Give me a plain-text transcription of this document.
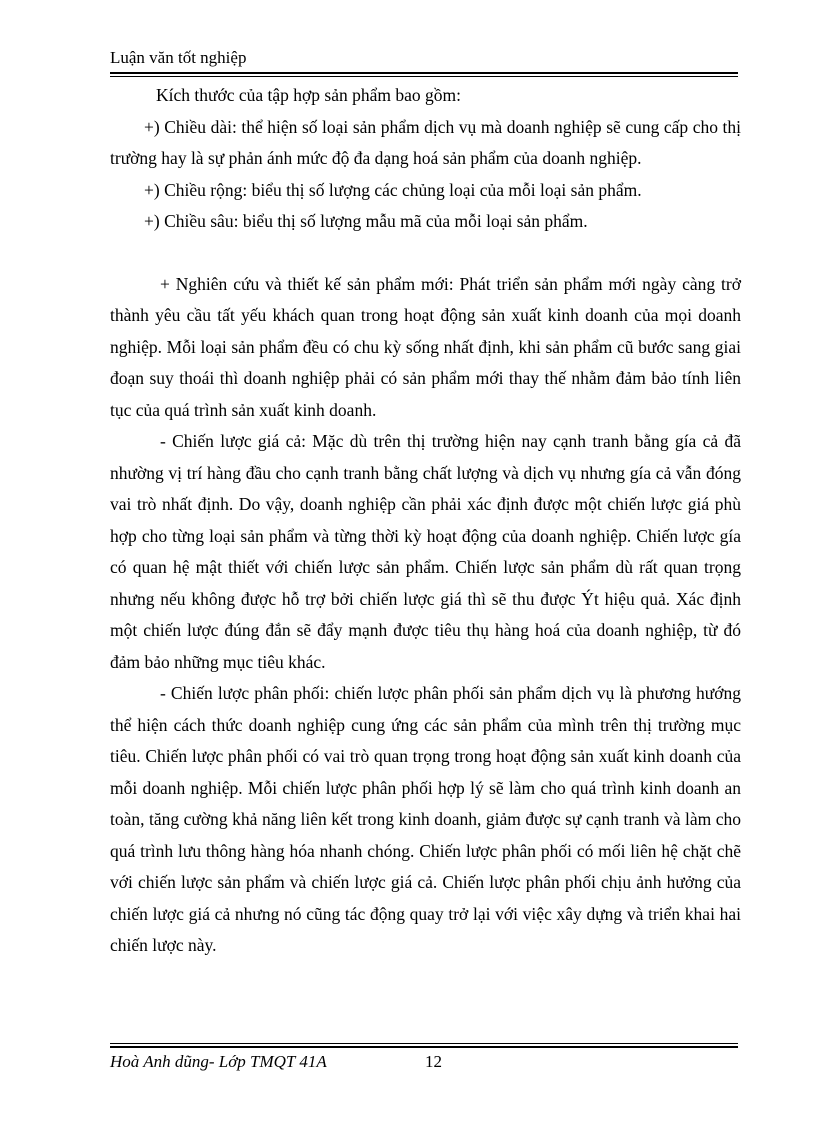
Luận văn tốt nghiệp

Kích thước của tập hợp sản phẩm bao gồm:

+) Chiều dài: thể hiện số loại sản phẩm dịch vụ mà doanh nghiệp sẽ cung cấp cho thị trường hay là sự phản ánh mức độ đa dạng hoá sản phẩm của doanh nghiệp.

+) Chiều rộng: biểu thị số lượng các chủng loại của mỗi loại sản phẩm.

+) Chiều sâu: biểu thị số lượng mẫu mã của mỗi loại sản phẩm.

+ Nghiên cứu và thiết kế sản phẩm mới: Phát triển sản phẩm mới ngày càng trở thành yêu cầu tất yếu khách quan trong hoạt động sản xuất kinh doanh của mọi doanh nghiệp. Mỗi loại sản phẩm đều có chu kỳ sống nhất định, khi sản phẩm cũ bước sang giai đoạn suy thoái thì doanh nghiệp phải có sản phẩm mới thay thế nhằm đảm bảo tính liên tục của quá trình sản xuất kinh doanh.

- Chiến lược giá cả: Mặc dù trên thị trường hiện nay cạnh tranh bằng gía cả đã nhường vị trí hàng đầu cho cạnh tranh bằng chất lượng và dịch vụ nhưng gía cả vẫn đóng vai trò nhất định. Do vậy, doanh nghiệp cần phải xác định được một chiến lược giá phù hợp cho từng loại sản phẩm và từng thời kỳ hoạt động của doanh nghiệp. Chiến lược gía có quan hệ mật thiết với chiến lược sản phẩm. Chiến lược sản phẩm dù rất quan trọng nhưng nếu không được hỗ trợ bởi chiến lược giá thì sẽ thu được Ýt hiệu quả. Xác định một chiến lược đúng đắn sẽ đẩy mạnh được tiêu thụ hàng hoá của doanh nghiệp, từ đó đảm bảo những mục tiêu khác.

- Chiến lược phân phối: chiến lược phân phối sản phẩm dịch vụ là phương hướng thể hiện cách thức doanh nghiệp cung ứng các sản phẩm của mình trên thị trường mục tiêu. Chiến lược phân phối có vai trò quan trọng trong hoạt động sản xuất kinh doanh của mỗi doanh nghiệp. Mỗi chiến lược phân phối hợp lý sẽ làm cho quá trình kinh doanh an toàn, tăng cường khả năng liên kết trong kinh doanh, giảm được sự cạnh tranh và làm cho quá trình lưu thông hàng hóa nhanh chóng. Chiến lược phân phối có mối liên hệ chặt chẽ với chiến lược sản phẩm và chiến lược giá cả. Chiến lược phân phối chịu ảnh hưởng của chiến lược giá cả nhưng nó cũng tác động quay trở lại với việc xây dựng và triển khai hai chiến lược này.

Hoà Anh dũng- Lớp TMQT 41A	12
